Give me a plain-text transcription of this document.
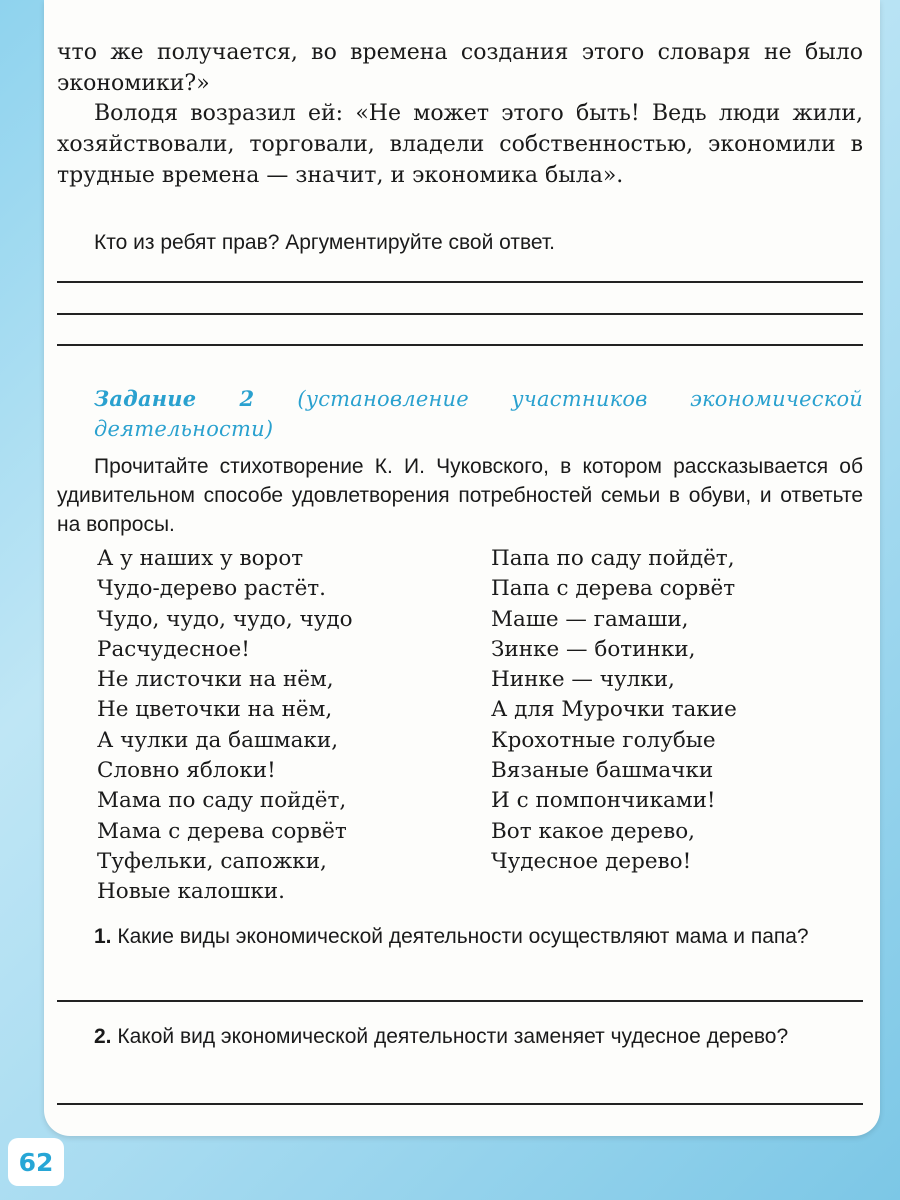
что же получается, во времена создания этого словаря не было экономики?»

Володя возразил ей: «Не может этого быть! Ведь люди жили, хозяйствовали, торговали, владели собственностью, экономили в трудные времена — значит, и экономика была».

Кто из ребят прав? Аргументируйте свой ответ.

Задание 2 (установление участников экономической деятельности)

Прочитайте стихотворение К. И. Чуковского, в котором рассказывается об удивительном способе удовлетворения потребностей семьи в обуви, и ответьте на вопросы.

А у наших у ворот
Чудо-дерево растёт.
Чудо, чудо, чудо, чудо
Расчудесное!
Не листочки на нём,
Не цветочки на нём,
А чулки да башмаки,
Словно яблоки!
Мама по саду пойдёт,
Мама с дерева сорвёт
Туфельки, сапожки,
Новые калошки.
Папа по саду пойдёт,
Папа с дерева сорвёт
Маше — гамаши,
Зинке — ботинки,
Нинке — чулки,
А для Мурочки такие
Крохотные голубые
Вязаные башмачки
И с помпончиками!
Вот какое дерево,
Чудесное дерево!

1. Какие виды экономической деятельности осуществляют мама и папа?

2. Какой вид экономической деятельности заменяет чудесное дерево?

62
